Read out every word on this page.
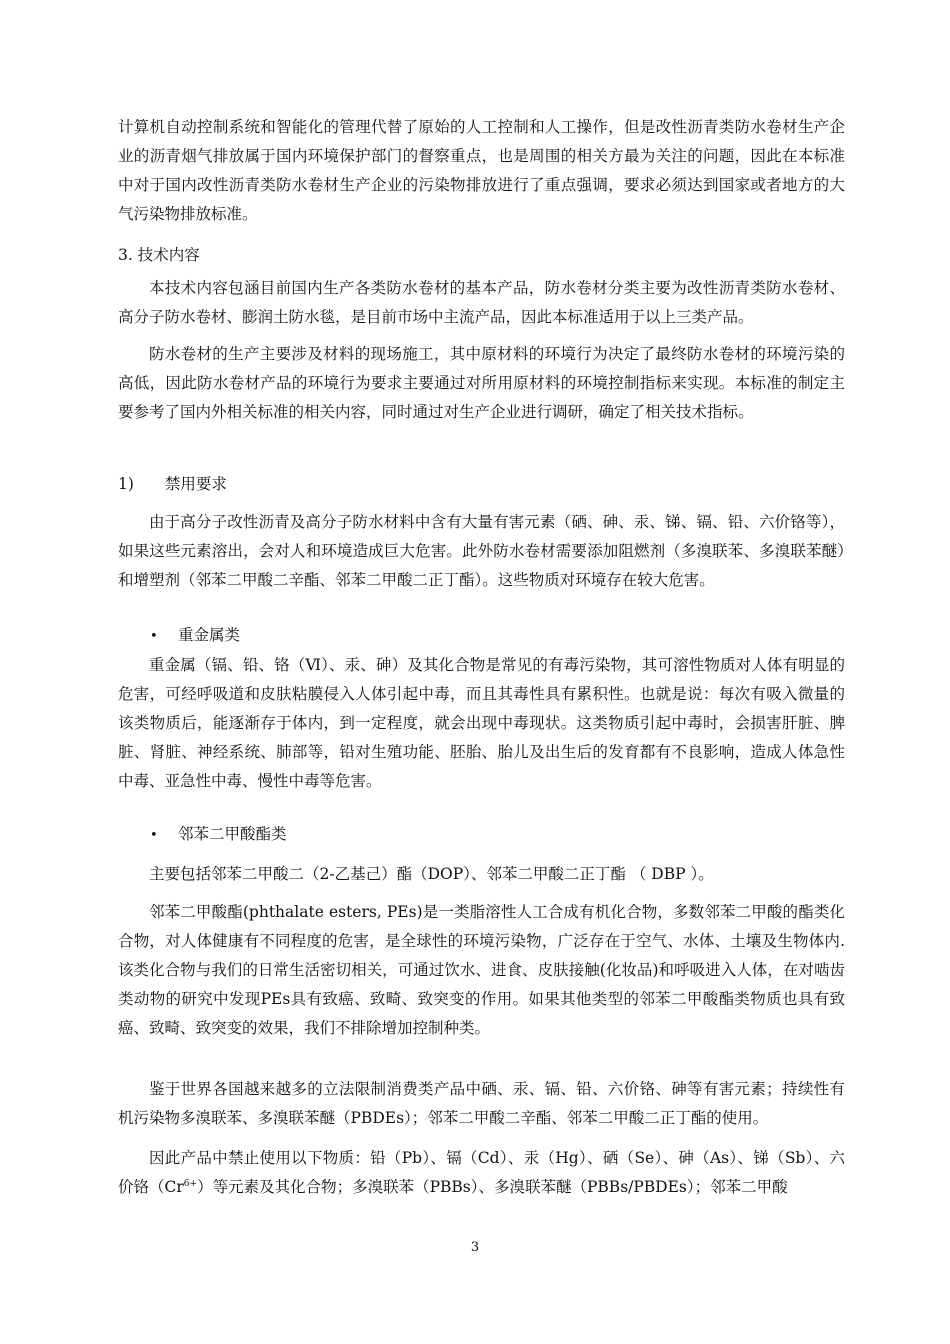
计算机自动控制系统和智能化的管理代替了原始的人工控制和人工操作，但是改性沥青类防水卷材生产企业的沥青烟气排放属于国内环境保护部门的督察重点，也是周围的相关方最为关注的问题，因此在本标准中对于国内改性沥青类防水卷材生产企业的污染物排放进行了重点强调，要求必须达到国家或者地方的大气污染物排放标准。

3. 技术内容

本技术内容包涵目前国内生产各类防水卷材的基本产品，防水卷材分类主要为改性沥青类防水卷材、高分子防水卷材、膨润土防水毯，是目前市场中主流产品，因此本标准适用于以上三类产品。

防水卷材的生产主要涉及材料的现场施工，其中原材料的环境行为决定了最终防水卷材的环境污染的高低，因此防水卷材产品的环境行为要求主要通过对所用原材料的环境控制指标来实现。本标准的制定主要参考了国内外相关标准的相关内容，同时通过对生产企业进行调研，确定了相关技术指标。

1)　　禁用要求

由于高分子改性沥青及高分子防水材料中含有大量有害元素（硒、砷、汞、锑、镉、铅、六价铬等），如果这些元素溶出，会对人和环境造成巨大危害。此外防水卷材需要添加阻燃剂（多溴联苯、多溴联苯醚）和增塑剂（邻苯二甲酸二辛酯、邻苯二甲酸二正丁酯）。这些物质对环境存在较大危害。

• 重金属类

重金属（镉、铅、铬（Ⅵ）、汞、砷）及其化合物是常见的有毒污染物，其可溶性物质对人体有明显的危害，可经呼吸道和皮肤粘膜侵入人体引起中毒，而且其毒性具有累积性。也就是说：每次有吸入微量的该类物质后，能逐渐存于体内，到一定程度，就会出现中毒现状。这类物质引起中毒时，会损害肝脏、脾脏、肾脏、神经系统、肺部等，铅对生殖功能、胚胎、胎儿及出生后的发育都有不良影响，造成人体急性中毒、亚急性中毒、慢性中毒等危害。

• 邻苯二甲酸酯类

主要包括邻苯二甲酸二（2-乙基己）酯（DOP）、邻苯二甲酸二正丁酯 （ DBP ）。

邻苯二甲酸酯(phthalate esters, PEs)是一类脂溶性人工合成有机化合物，多数邻苯二甲酸的酯类化合物，对人体健康有不同程度的危害，是全球性的环境污染物，广泛存在于空气、水体、土壤及生物体内. 该类化合物与我们的日常生活密切相关，可通过饮水、进食、皮肤接触(化妆品)和呼吸进入人体，在对啮齿类动物的研究中发现PEs具有致癌、致畸、致突变的作用。如果其他类型的邻苯二甲酸酯类物质也具有致癌、致畸、致突变的效果，我们不排除增加控制种类。

鉴于世界各国越来越多的立法限制消费类产品中硒、汞、镉、铅、六价铬、砷等有害元素；持续性有机污染物多溴联苯、多溴联苯醚（PBDEs）；邻苯二甲酸二辛酯、邻苯二甲酸二正丁酯的使用。

因此产品中禁止使用以下物质：铅（Pb）、镉（Cd）、汞（Hg）、硒（Se）、砷（As）、锑（Sb）、六价铬$(Cr^{6+})$等元素及其化合物；多溴联苯（PBBs）、多溴联苯醚（PBBs/PBDEs）；邻苯二甲酸

3
